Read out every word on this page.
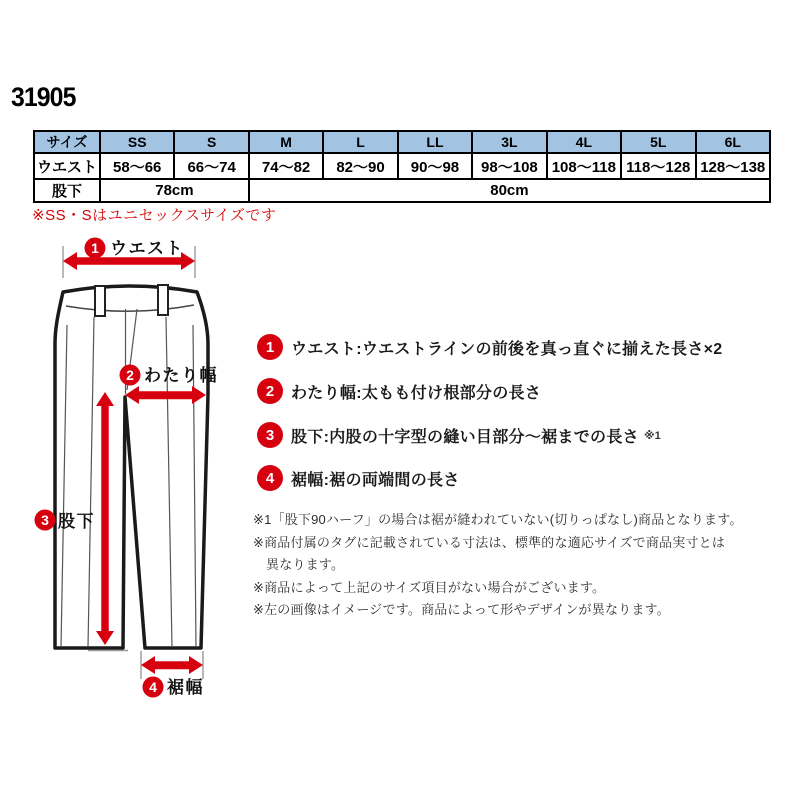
31905
サイズ	SS	S	M	L	LL	3L	4L	5L	6L
ウエスト	58〜66	66〜74	74〜82	82〜90	90〜98	98〜108	108〜118	118〜128	128〜138
股下	78cm		80cm						
※SS・Sはユニセックスサイズです
1 ウエスト
2 わたり幅
3 股下
4 裾幅
1	ウエスト:ウエストラインの前後を真っ直ぐに揃えた長さ×2
2	わたり幅:太もも付け根部分の長さ
3	股下:内股の十字型の縫い目部分〜裾までの長さ ※1
4	裾幅:裾の両端間の長さ
※1「股下90ハーフ」の場合は裾が縫われていない(切りっぱなし)商品となります。
※商品付属のタグに記載されている寸法は、標準的な適応サイズで商品実寸とは
異なります。
※商品によって上記のサイズ項目がない場合がございます。
※左の画像はイメージです。商品によって形やデザインが異なります。
